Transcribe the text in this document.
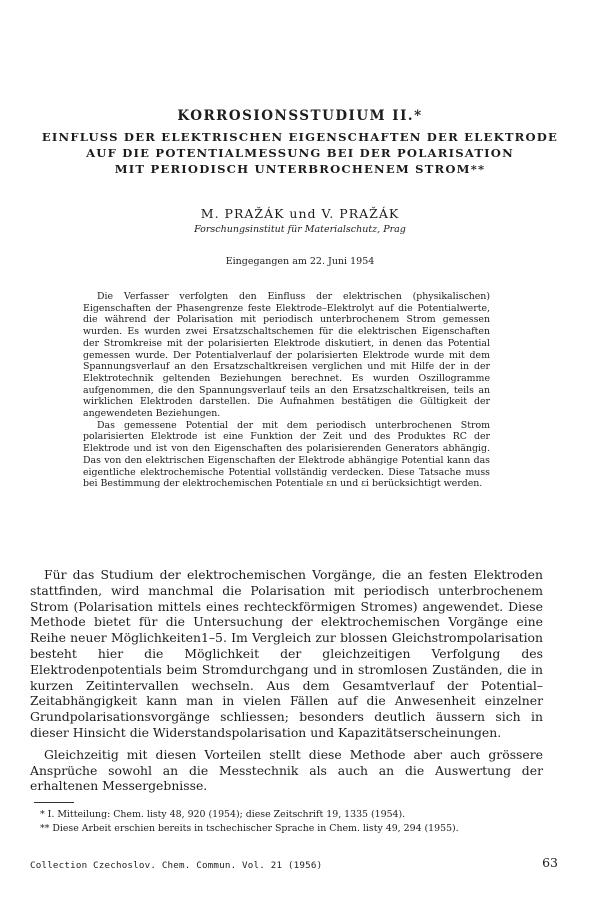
KORROSIONSSTUDIUM II.*

EINFLUSS DER ELEKTRISCHEN EIGENSCHAFTEN DER ELEKTRODE

AUF DIE POTENTIALMESSUNG BEI DER POLARISATION

MIT PERIODISCH UNTERBROCHENEM STROM**

M. PRAŽÁK und V. PRAŽÁK
Forschungsinstitut für Materialschutz, Prag
Eingegangen am 22. Juni 1954

Die Verfasser verfolgten den Einfluss der elektrischen (physikalischen) Eigenschaften der Phasengrenze feste Elektrode–Elektrolyt auf die Potentialwerte, die während der Polarisation mit periodisch unterbrochenem Strom gemessen wurden. Es wurden zwei Ersatzschaltschemen für die elektrischen Eigenschaften der Stromkreise mit der polarisierten Elektrode diskutiert, in denen das Potential gemessen wurde. Der Potentialverlauf der polarisierten Elektrode wurde mit dem Spannungsverlauf an den Ersatzschaltkreisen verglichen und mit Hilfe der in der Elektrotechnik geltenden Beziehungen berechnet. Es wurden Oszillogramme aufgenommen, die den Spannungsverlauf teils an den Ersatzschaltkreisen, teils an wirklichen Elektroden darstellen. Die Aufnahmen bestätigen die Gültigkeit der angewendeten Beziehungen.

Das gemessene Potential der mit dem periodisch unterbrochenen Strom polarisierten Elektrode ist eine Funktion der Zeit und des Produktes RC der Elektrode und ist von den Eigenschaften des polarisierenden Generators abhängig. Das von den elektrischen Eigenschaften der Elektrode abhängige Potential kann das eigentliche elektrochemische Potential vollständig verdecken. Diese Tatsache muss bei Bestimmung der elektrochemischen Potentiale εn und εi berücksichtigt werden.

Für das Studium der elektrochemischen Vorgänge, die an festen Elektroden stattfinden, wird manchmal die Polarisation mit periodisch unterbrochenem Strom (Polarisation mittels eines rechteckförmigen Stromes) angewendet. Diese Methode bietet für die Untersuchung der elektrochemischen Vorgänge eine Reihe neuer Möglichkeiten1–5. Im Vergleich zur blossen Gleichstrompolarisation besteht hier die Möglichkeit der gleichzeitigen Verfolgung des Elektrodenpotentials beim Stromdurchgang und in stromlosen Zuständen, die in kurzen Zeitintervallen wechseln. Aus dem Gesamtverlauf der Potential–Zeitabhängigkeit kann man in vielen Fällen auf die Anwesenheit einzelner Grundpolarisationsvorgänge schliessen; besonders deutlich äussern sich in dieser Hinsicht die Widerstandspolarisation und Kapazitätserscheinungen.

Gleichzeitig mit diesen Vorteilen stellt diese Methode aber auch grössere Ansprüche sowohl an die Messtechnik als auch an die Auswertung der erhaltenen Messergebnisse.

* I. Mitteilung: Chem. listy 48, 920 (1954); diese Zeitschrift 19, 1335 (1954).

** Diese Arbeit erschien bereits in tschechischer Sprache in Chem. listy 49, 294 (1955).

Collection Czechoslov. Chem. Commun. Vol. 21 (1956)	63
